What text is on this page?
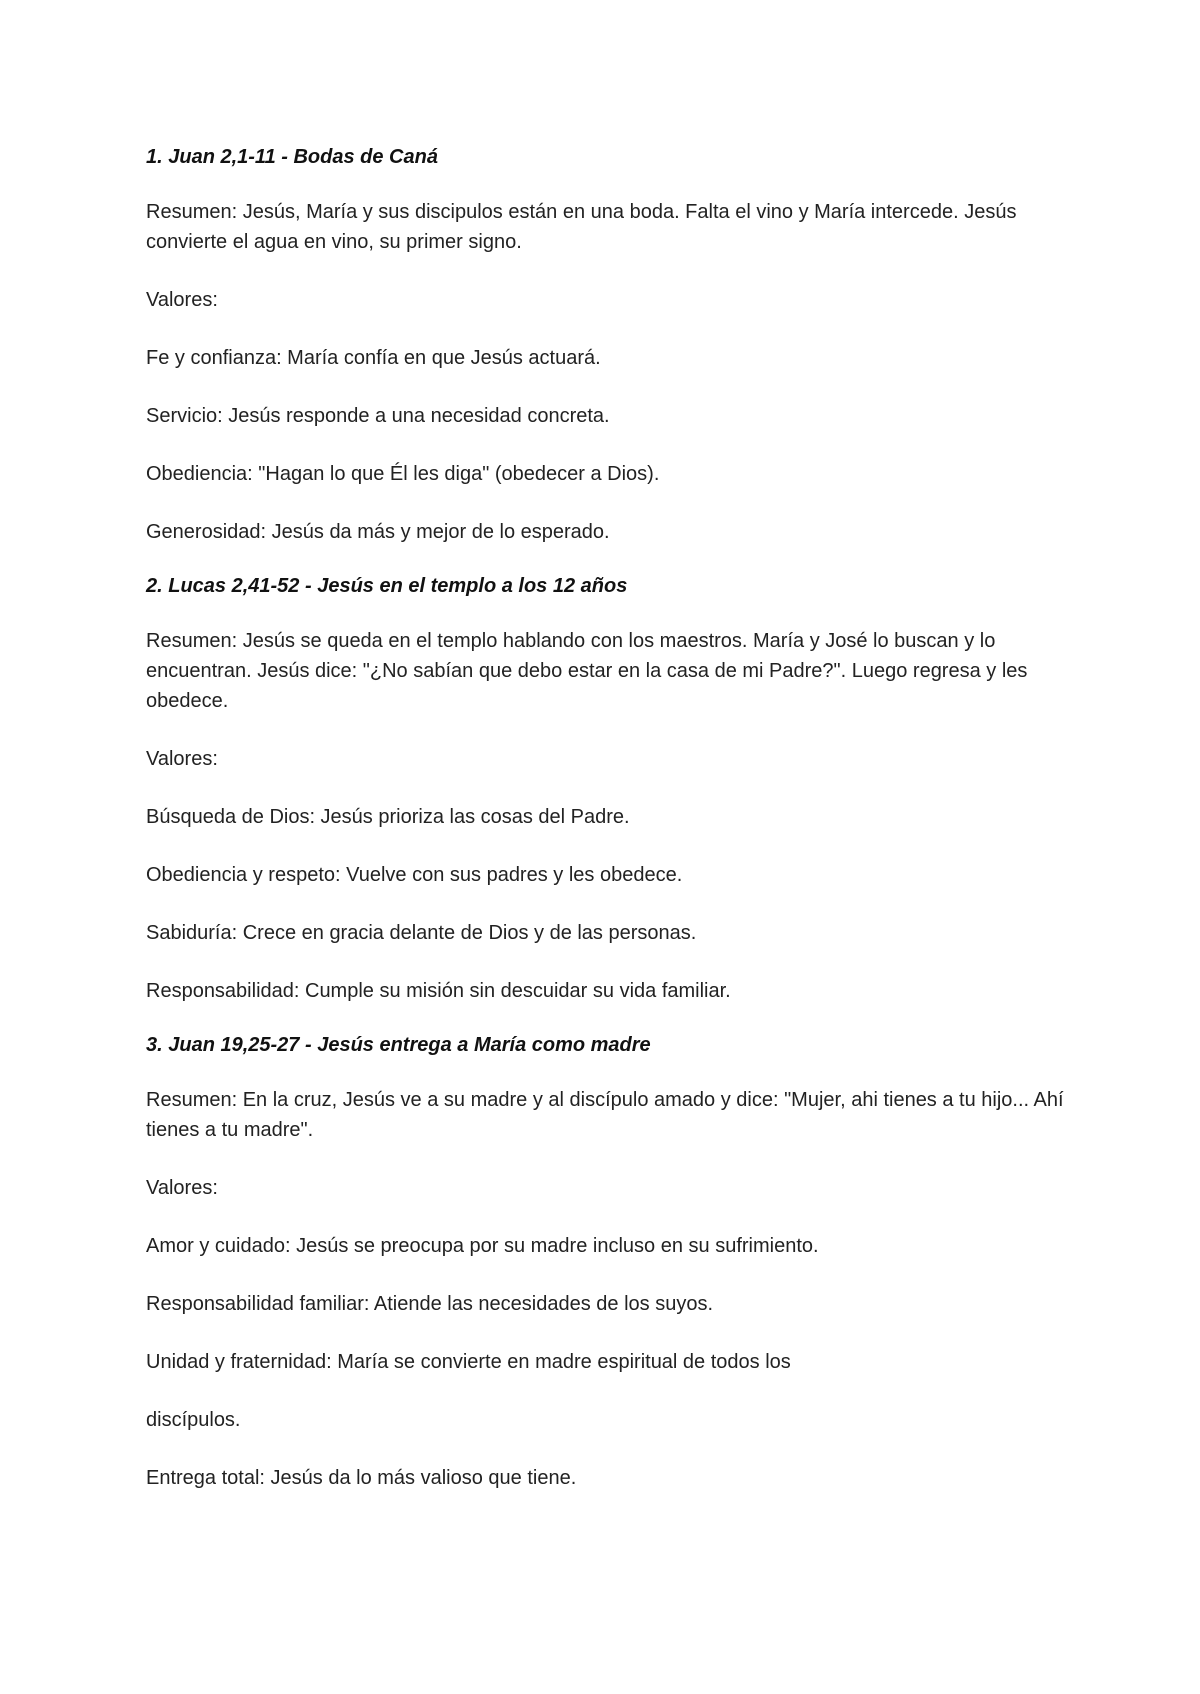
1. Juan 2,1-11 - Bodas de Caná

Resumen: Jesús, María y sus discipulos están en una boda. Falta el vino y María intercede. Jesús convierte el agua en vino, su primer signo.

Valores:

Fe y confianza: María confía en que Jesús actuará.

Servicio: Jesús responde a una necesidad concreta.

Obediencia: "Hagan lo que Él les diga" (obedecer a Dios).

Generosidad: Jesús da más y mejor de lo esperado.

2. Lucas 2,41-52 - Jesús en el templo a los 12 años

Resumen: Jesús se queda en el templo hablando con los maestros. María y José lo buscan y lo encuentran. Jesús dice: "¿No sabían que debo estar en la casa de mi Padre?". Luego regresa y les obedece.

Valores:

Búsqueda de Dios: Jesús prioriza las cosas del Padre.

Obediencia y respeto: Vuelve con sus padres y les obedece.

Sabiduría: Crece en gracia delante de Dios y de las personas.

Responsabilidad: Cumple su misión sin descuidar su vida familiar.

3. Juan 19,25-27 - Jesús entrega a María como madre

Resumen: En la cruz, Jesús ve a su madre y al discípulo amado y dice: "Mujer, ahi tienes a tu hijo... Ahí tienes a tu madre".

Valores:

Amor y cuidado: Jesús se preocupa por su madre incluso en su sufrimiento.

Responsabilidad familiar: Atiende las necesidades de los suyos.

Unidad y fraternidad: María se convierte en madre espiritual de todos los

discípulos.

Entrega total: Jesús da lo más valioso que tiene.
